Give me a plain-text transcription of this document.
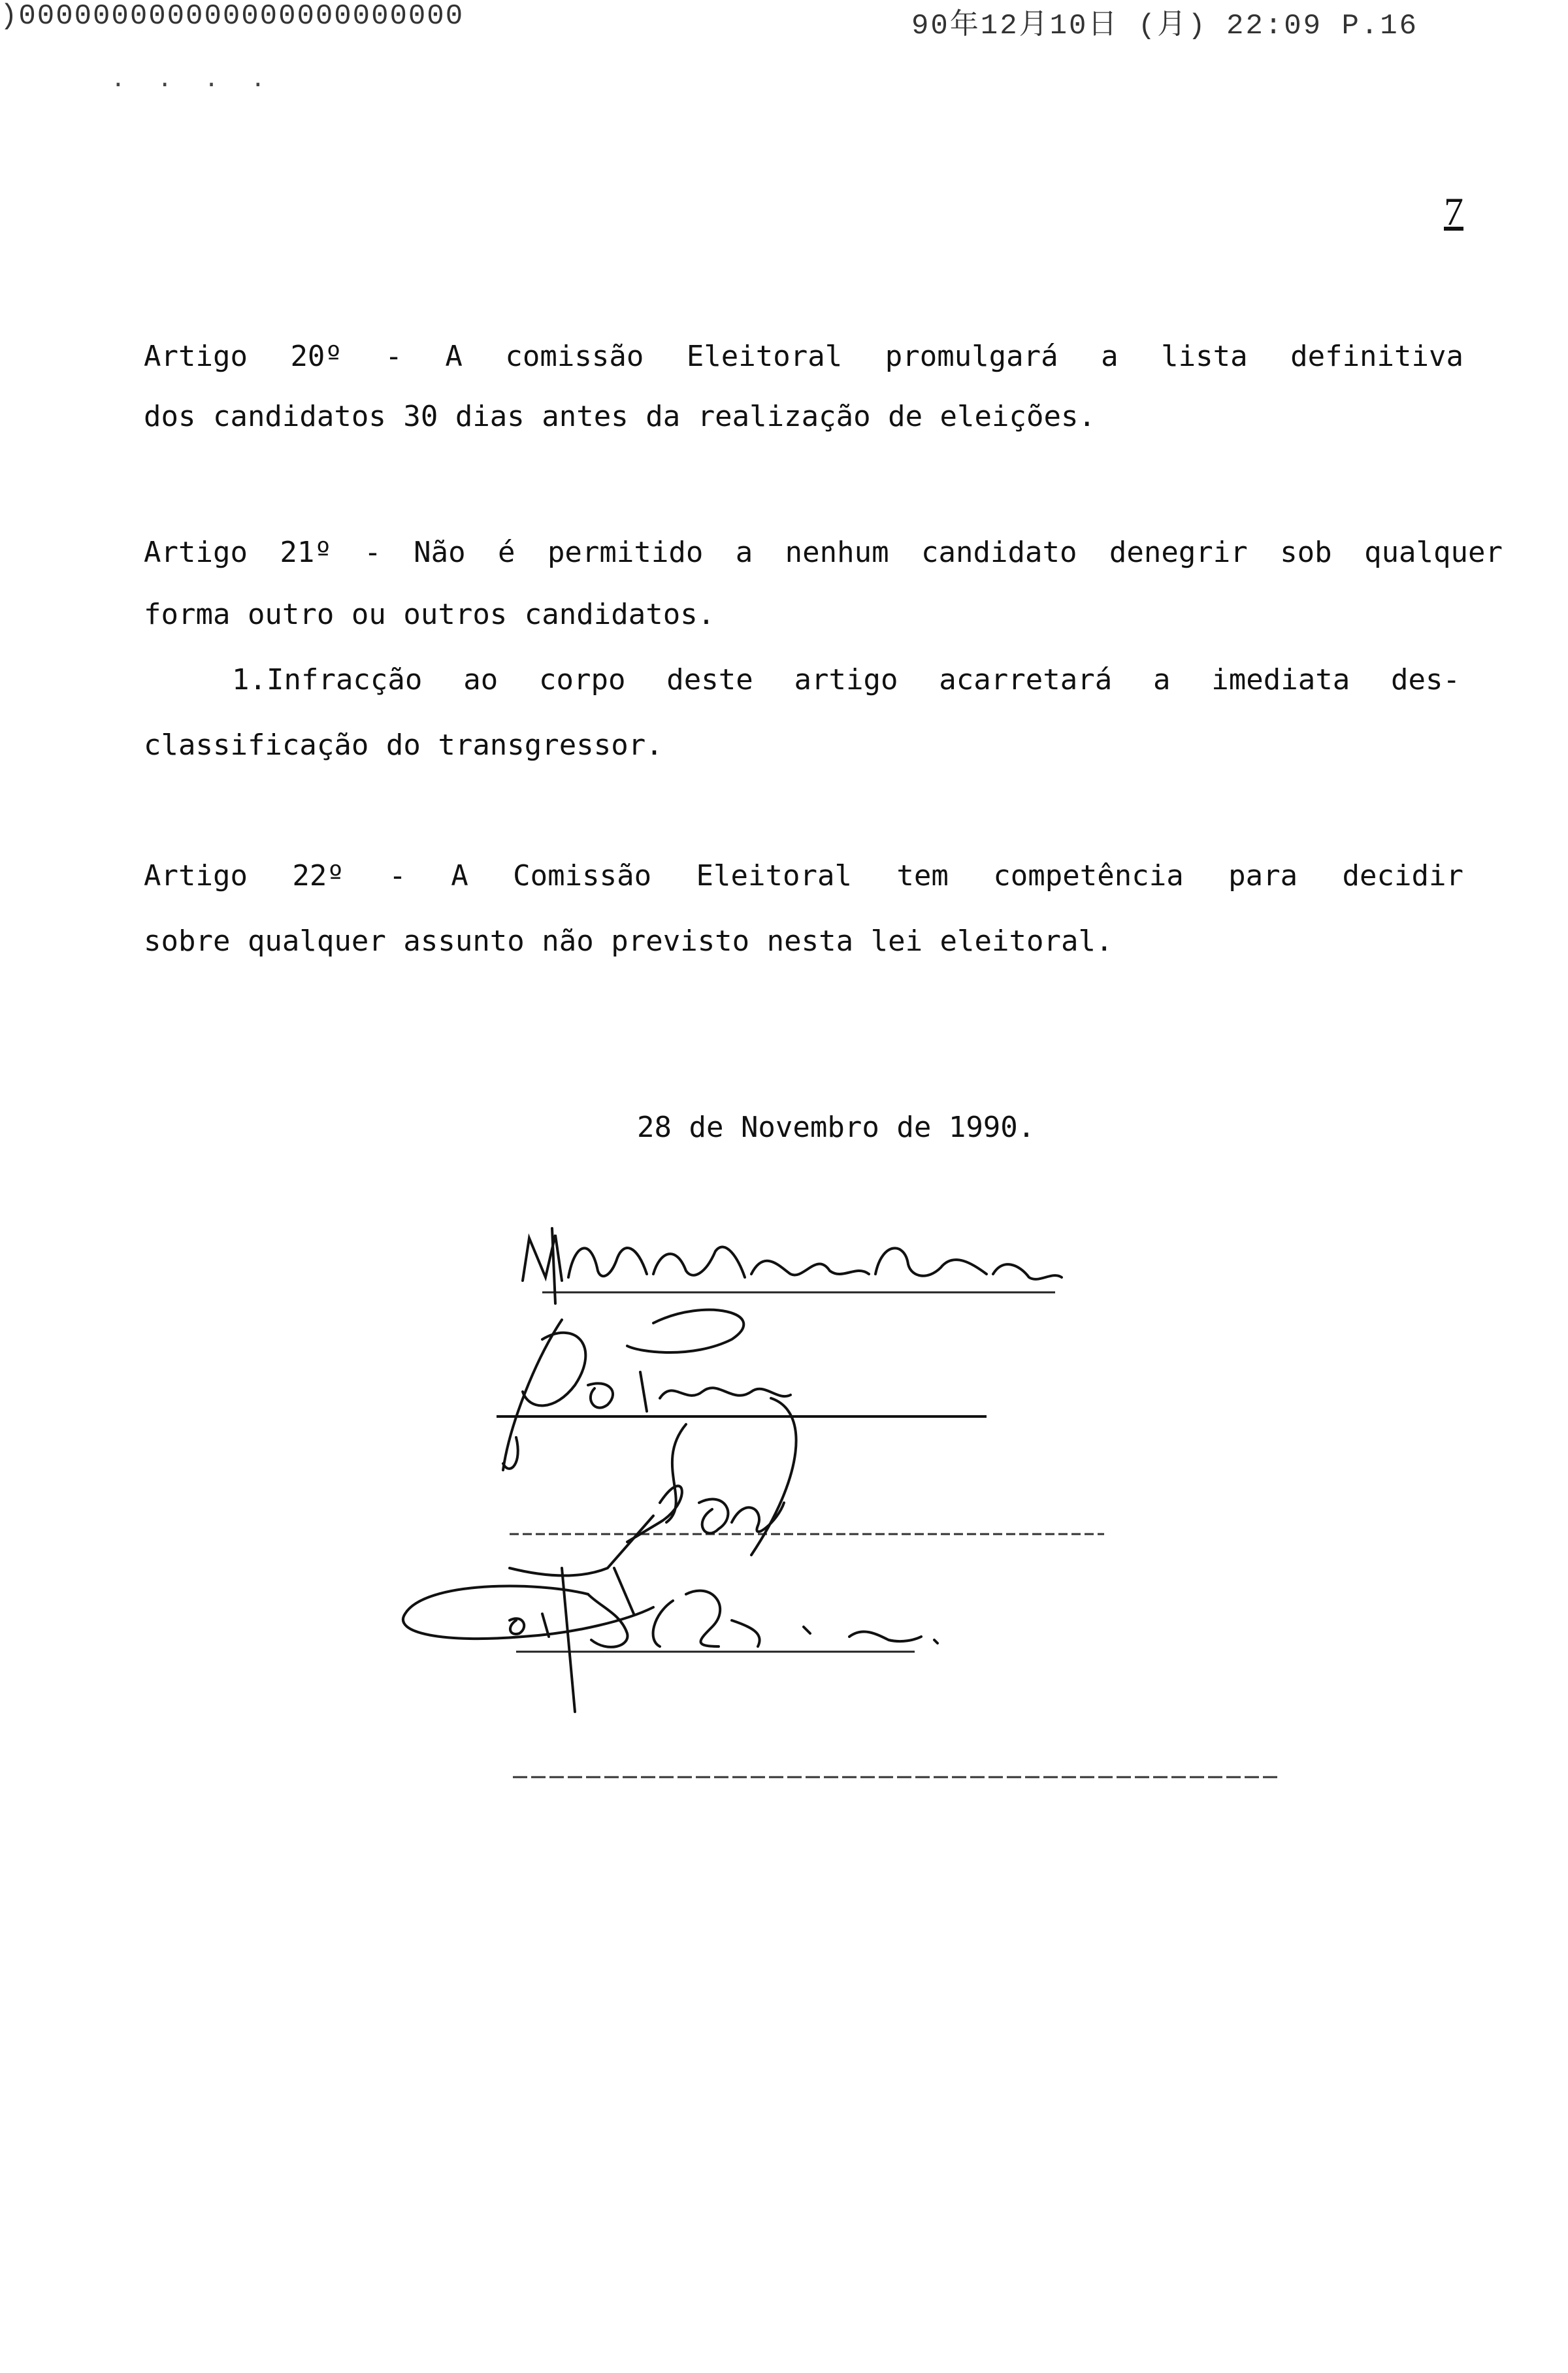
)000000000000000000000000	90年12月10日 (月) 22:09 P.16
· · · ·
7
Artigo 20º - A comissão Eleitoral promulgará a lista definitiva
dos candidatos 30 dias antes da realização de eleições.
Artigo 21º - Não é permitido a nenhum candidato denegrir sob qualquer
forma outro ou outros candidatos.
1.Infracção ao corpo deste artigo acarretará a imediata des-
classificação do transgressor.
Artigo 22º - A Comissão Eleitoral tem competência para decidir
sobre qualquer assunto não previsto nesta lei eleitoral.
28 de Novembro de 1990.
